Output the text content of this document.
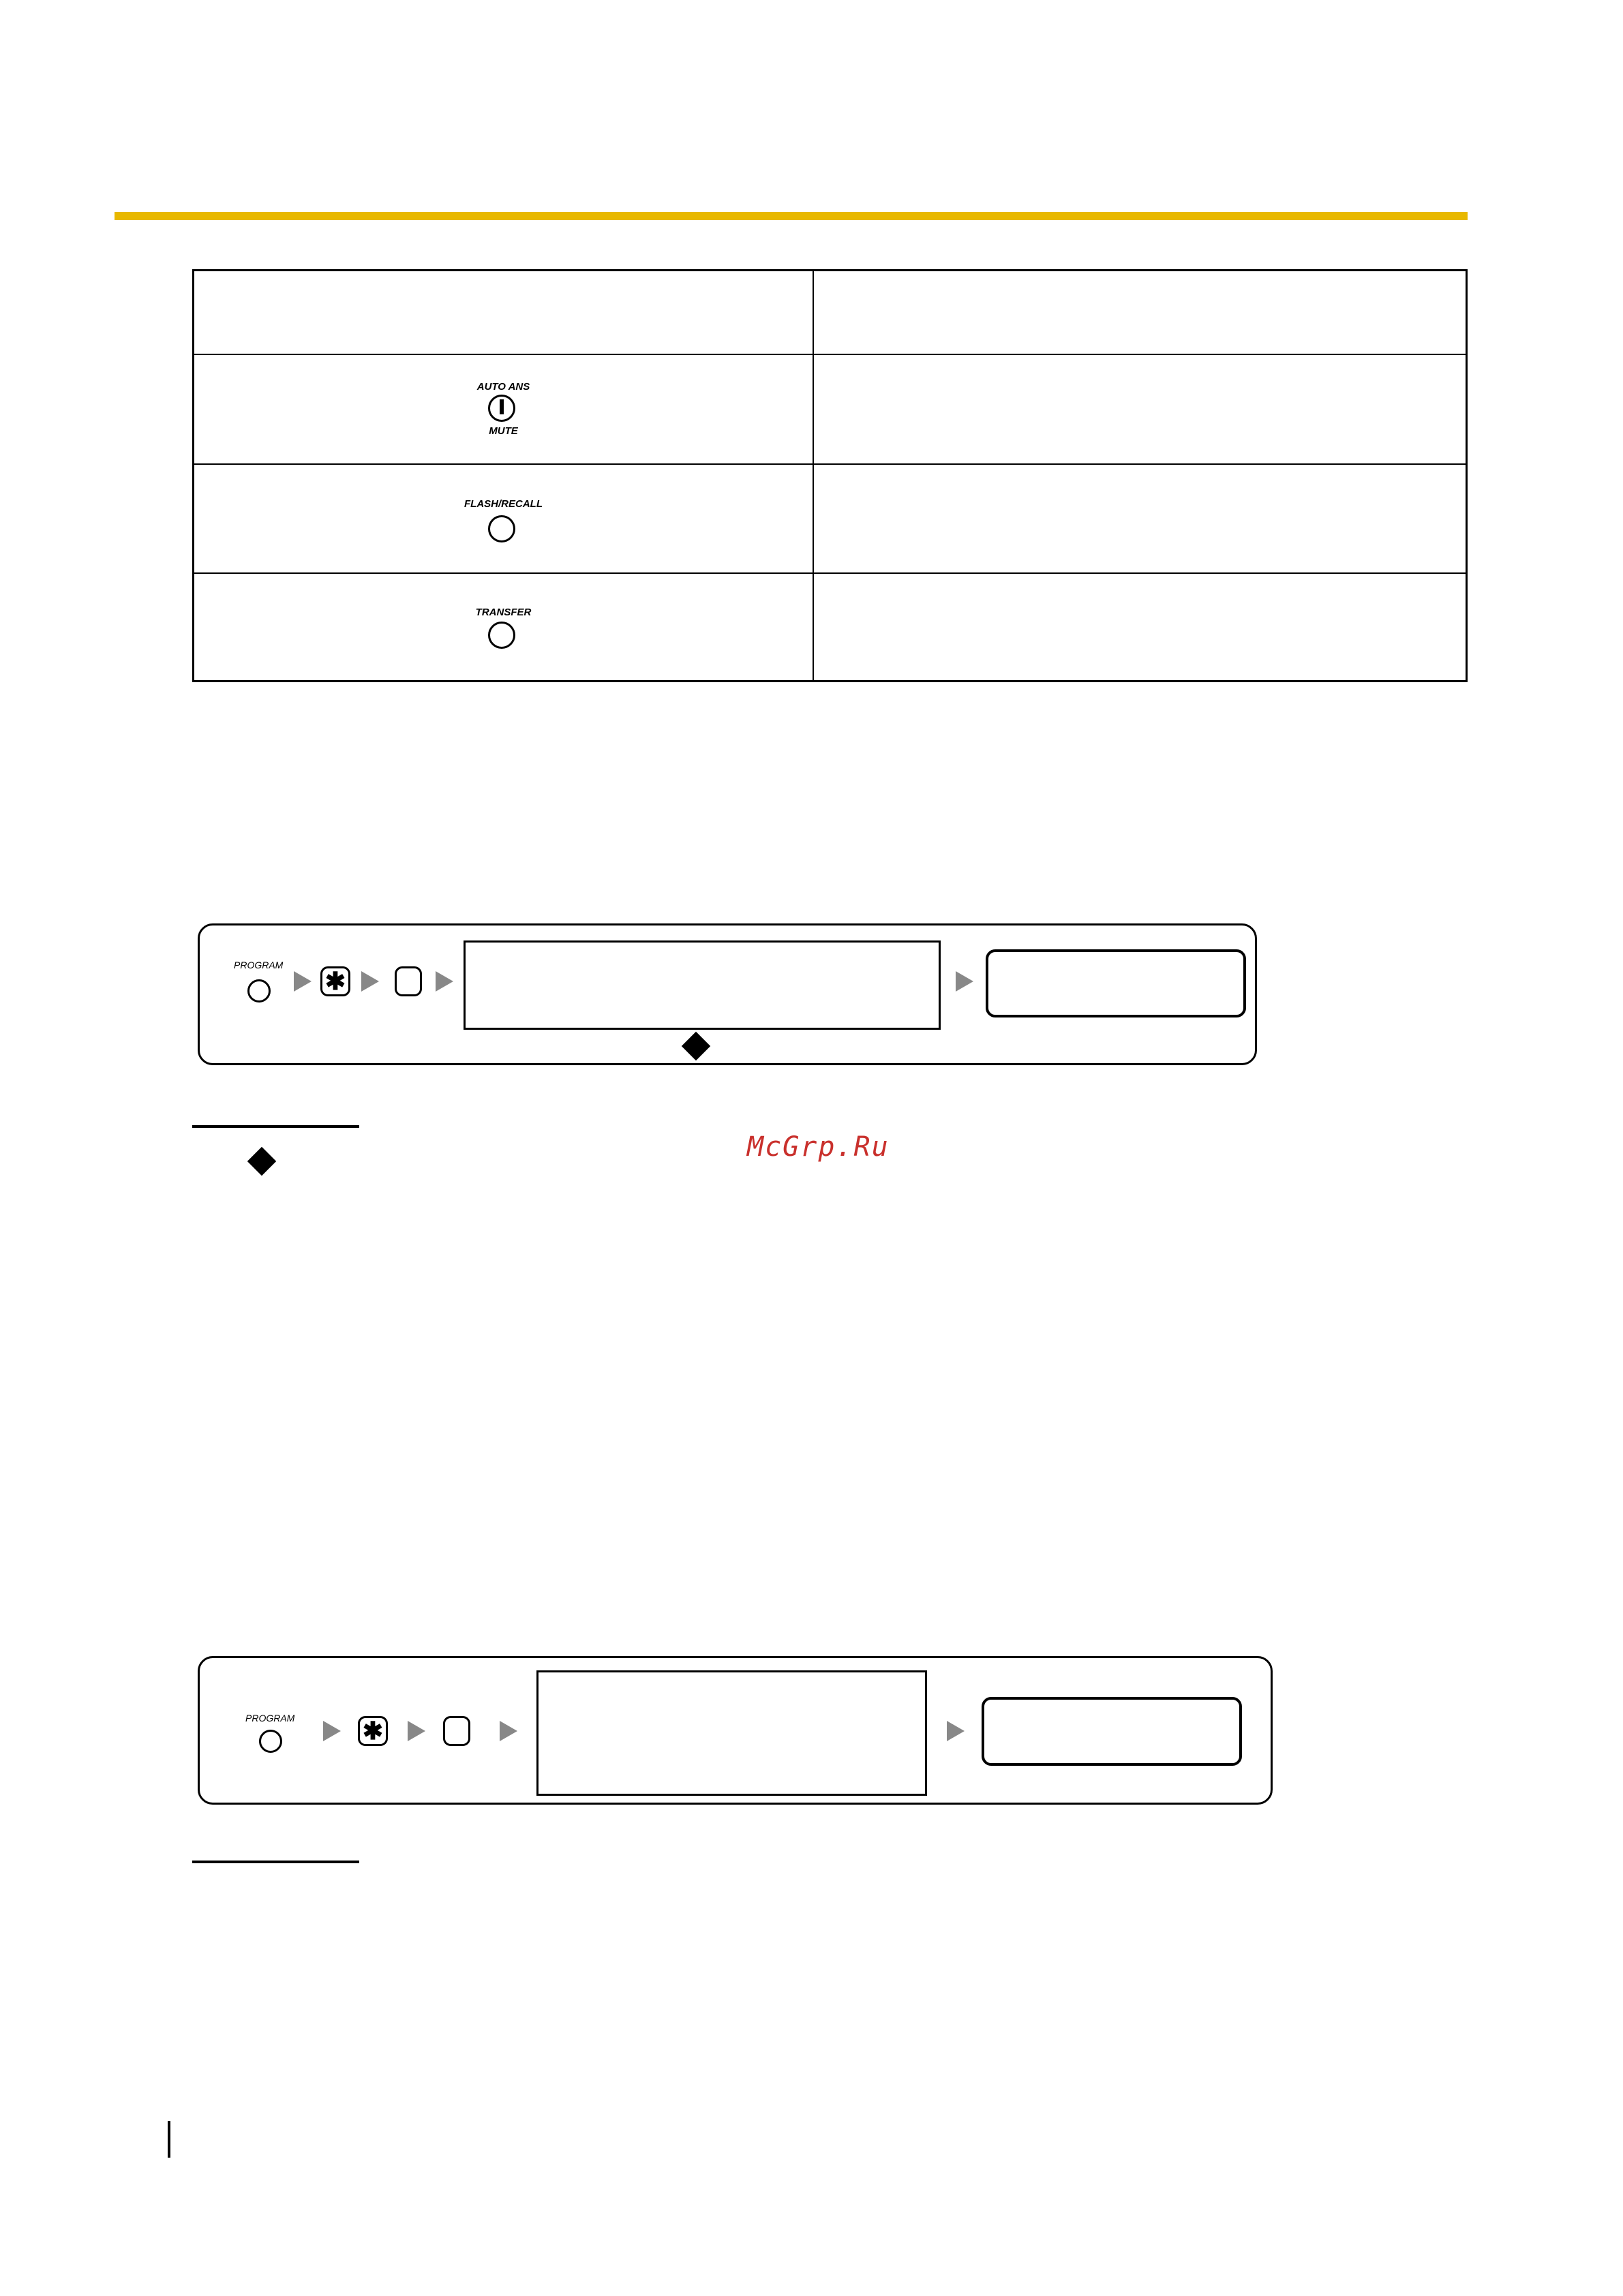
AUTO ANS
MUTE
FLASH/RECALL
TRANSFER
PROGRAM
✱
McGrp.Ru
PROGRAM	✱
